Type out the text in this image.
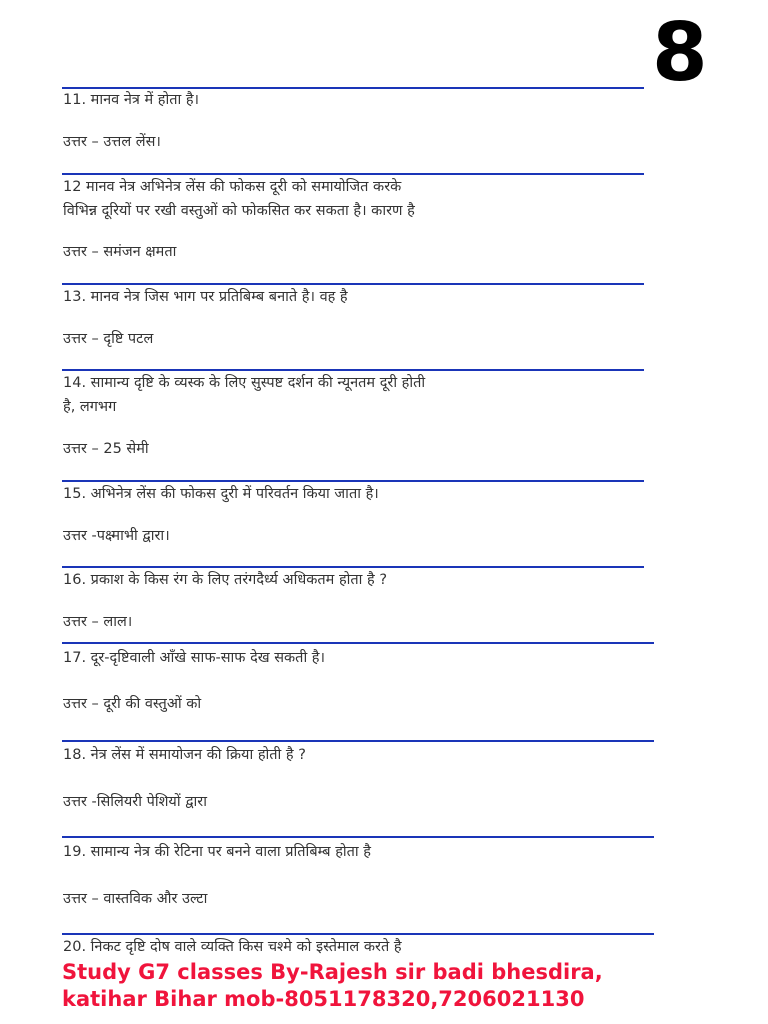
8
11. मानव नेत्र में होता है।
उत्तर – उत्तल लेंस।
12 मानव नेत्र अभिनेत्र लेंस की फोकस दूरी को समायोजित करके
विभिन्न दूरियों पर रखी वस्तुओं को फोकसित कर सकता है। कारण है
उत्तर – समंजन क्षमता
13. मानव नेत्र जिस भाग पर प्रतिबिम्ब बनाते है। वह है
उत्तर – दृष्टि पटल
14. सामान्य दृष्टि के व्यस्क के लिए सुस्पष्ट दर्शन की न्यूनतम दूरी होती
है, लगभग
उत्तर – 25 सेमी
15. अभिनेत्र लेंस की फोकस दुरी में परिवर्तन किया जाता है।
उत्तर -पक्ष्माभी द्वारा।
16. प्रकाश के किस रंग के लिए तरंगदैर्ध्य अधिकतम होता है ?
उत्तर – लाल।
17. दूर-दृष्टिवाली आँखे साफ-साफ देख सकती है।
उत्तर – दूरी की वस्तुओं को
18. नेत्र लेंस में समायोजन की क्रिया होती है ?
उत्तर -सिलियरी पेशियों द्वारा
19. सामान्य नेत्र की रेटिना पर बनने वाला प्रतिबिम्ब होता है
उत्तर – वास्तविक और उल्टा
20. निकट दृष्टि दोष वाले व्यक्ति किस चश्मे को इस्तेमाल करते है
Study G7 classes By-Rajesh sir badi bhesdira,
katihar Bihar mob-8051178320,7206021130
